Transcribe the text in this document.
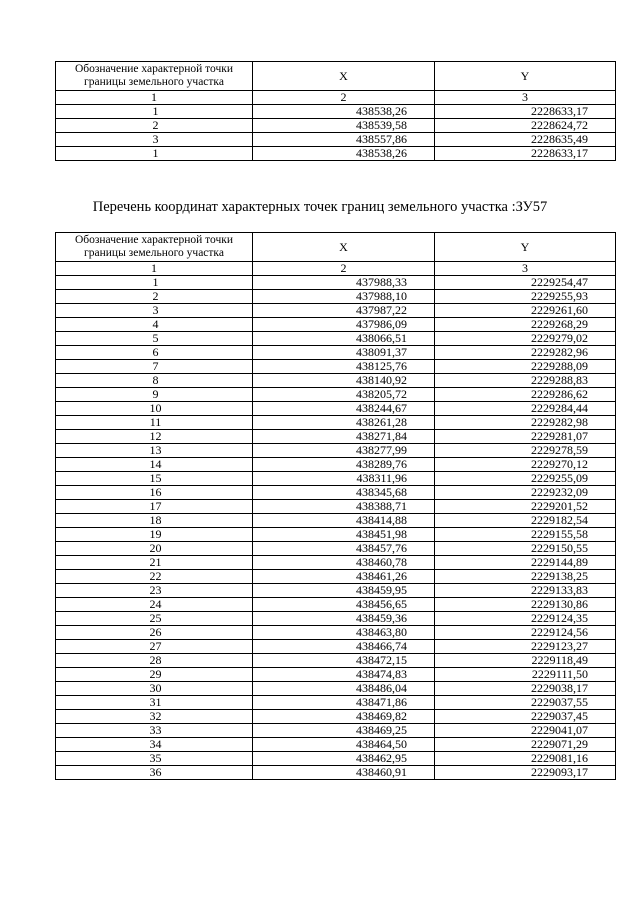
Обозначение характерной точки границы земельного участка	X	Y
1	2	3
1	438538,26	2228633,17
2	438539,58	2228624,72
3	438557,86	2228635,49
1	438538,26	2228633,17
Перечень координат характерных точек границ земельного участка :ЗУ57
Обозначение характерной точки границы земельного участка	X	Y
1	2	3
1	437988,33	2229254,47
2	437988,10	2229255,93
3	437987,22	2229261,60
4	437986,09	2229268,29
5	438066,51	2229279,02
6	438091,37	2229282,96
7	438125,76	2229288,09
8	438140,92	2229288,83
9	438205,72	2229286,62
10	438244,67	2229284,44
11	438261,28	2229282,98
12	438271,84	2229281,07
13	438277,99	2229278,59
14	438289,76	2229270,12
15	438311,96	2229255,09
16	438345,68	2229232,09
17	438388,71	2229201,52
18	438414,88	2229182,54
19	438451,98	2229155,58
20	438457,76	2229150,55
21	438460,78	2229144,89
22	438461,26	2229138,25
23	438459,95	2229133,83
24	438456,65	2229130,86
25	438459,36	2229124,35
26	438463,80	2229124,56
27	438466,74	2229123,27
28	438472,15	2229118,49
29	438474,83	2229111,50
30	438486,04	2229038,17
31	438471,86	2229037,55
32	438469,82	2229037,45
33	438469,25	2229041,07
34	438464,50	2229071,29
35	438462,95	2229081,16
36	438460,91	2229093,17
